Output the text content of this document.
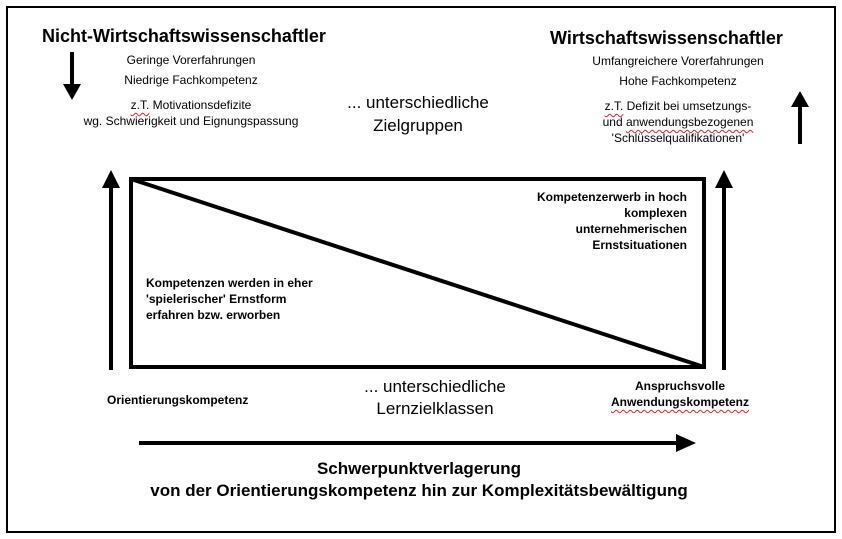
Nicht-Wirtschaftswissenschaftler
Geringe Vorerfahrungen
Niedrige Fachkompetenz
z.T. Motivationsdefizite
wg. Schwierigkeit und Eignungspassung
Wirtschaftswissenschaftler
Umfangreichere Vorerfahrungen
Hohe Fachkompetenz
z.T. Defizit bei umsetzungs-
und anwendungsbezogenen
'Schlüsselqualifikationen'
... unterschiedliche
Zielgruppen
Kompetenzerwerb in hoch
komplexen
unternehmerischen
Ernstsituationen
Kompetenzen werden in eher
'spielerischer' Ernstform
erfahren bzw. erworben
Orientierungskompetenz
... unterschiedliche
Lernzielklassen
Anspruchsvolle
Anwendungskompetenz
Schwerpunktverlagerung
von der Orientierungskompetenz hin zur Komplexitätsbewältigung
